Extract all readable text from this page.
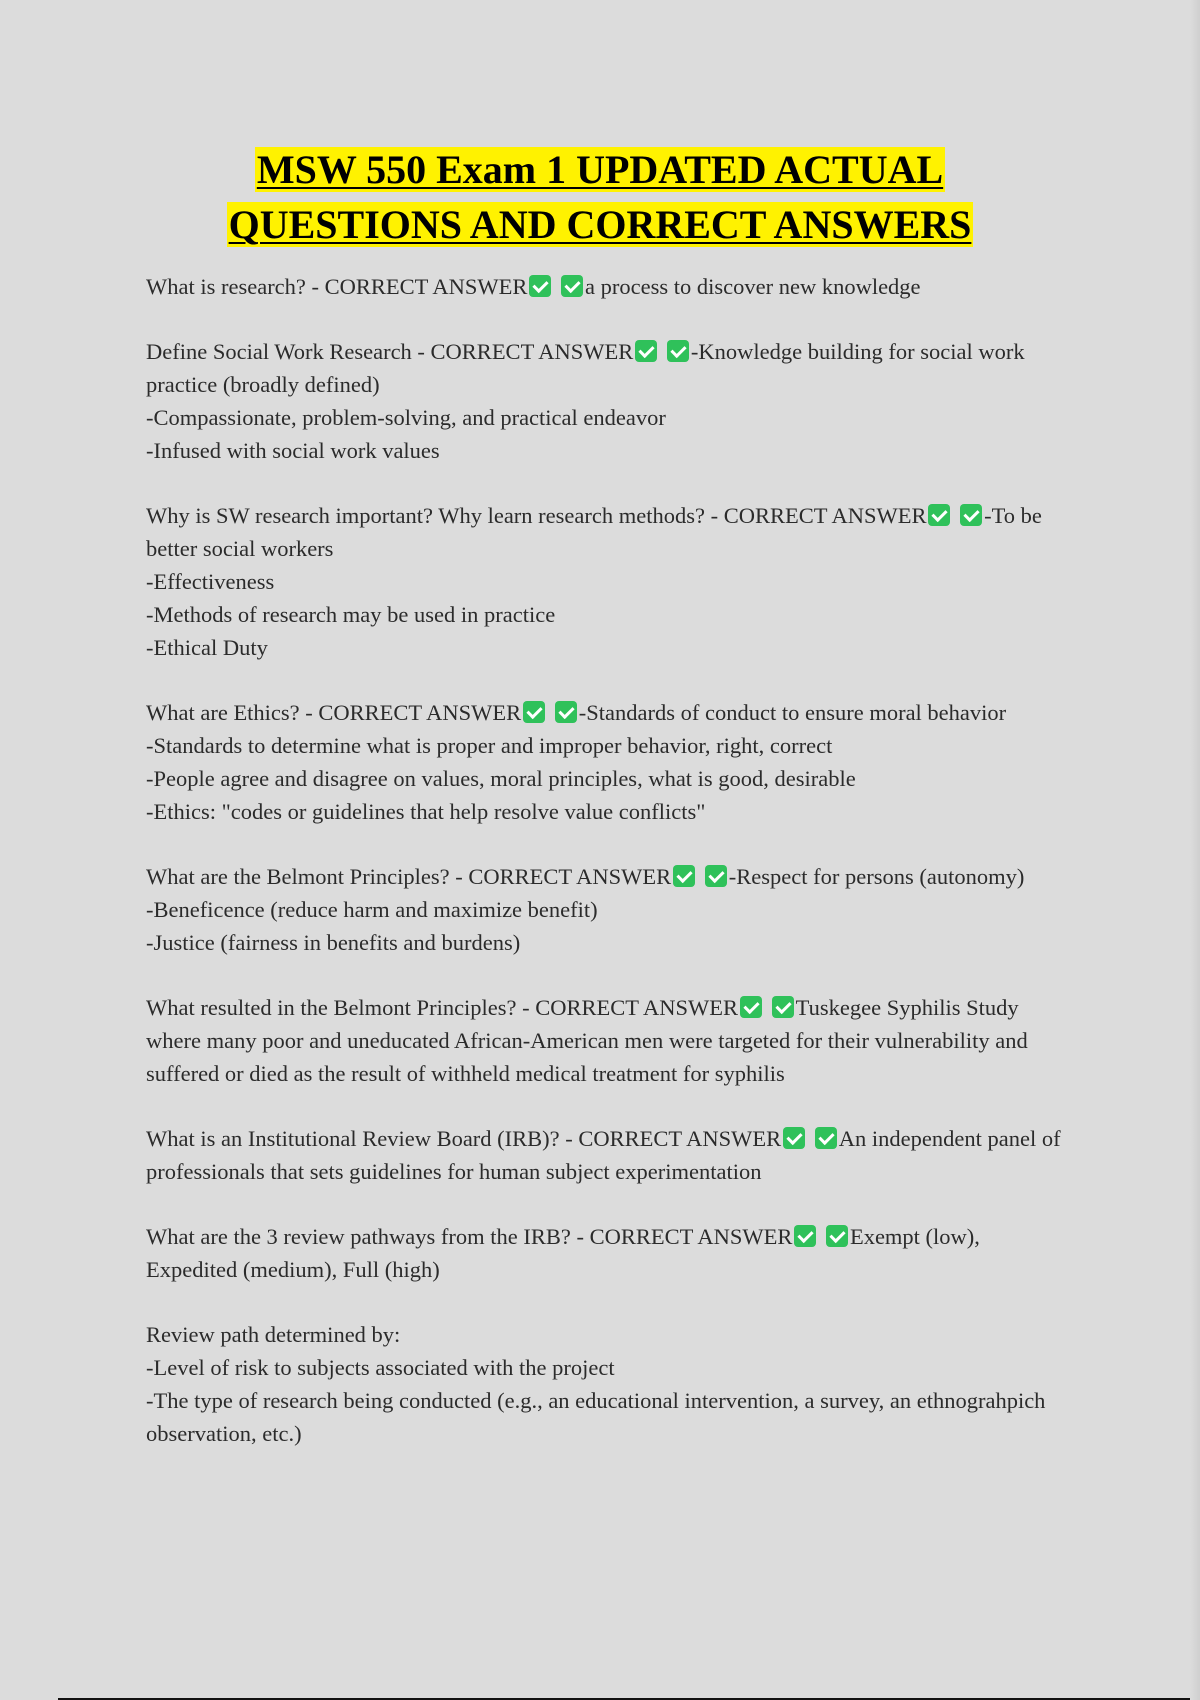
MSW 550 Exam 1 UPDATED ACTUAL
QUESTIONS AND CORRECT ANSWERS
What is research? - CORRECT ANSWER	a process to discover new knowledge
Define Social Work Research - CORRECT ANSWER	-Knowledge building for social work practice (broadly defined)
-Compassionate, problem-solving, and practical endeavor
-Infused with social work values
Why is SW research important? Why learn research methods? - CORRECT ANSWER	-To be better social workers
-Effectiveness
-Methods of research may be used in practice
-Ethical Duty
What are Ethics? - CORRECT ANSWER	-Standards of conduct to ensure moral behavior
-Standards to determine what is proper and improper behavior, right, correct
-People agree and disagree on values, moral principles, what is good, desirable
-Ethics: "codes or guidelines that help resolve value conflicts"
What are the Belmont Principles? - CORRECT ANSWER	-Respect for persons (autonomy)
-Beneficence (reduce harm and maximize benefit)
-Justice (fairness in benefits and burdens)
What resulted in the Belmont Principles? - CORRECT ANSWER	Tuskegee Syphilis Study where many poor and uneducated African-American men were targeted for their vulnerability and suffered or died as the result of withheld medical treatment for syphilis
What is an Institutional Review Board (IRB)? - CORRECT ANSWER	An independent panel of professionals that sets guidelines for human subject experimentation
What are the 3 review pathways from the IRB? - CORRECT ANSWER	Exempt (low), Expedited (medium), Full (high)
Review path determined by:
-Level of risk to subjects associated with the project
-The type of research being conducted (e.g., an educational intervention, a survey, an ethnograhpich observation, etc.)
